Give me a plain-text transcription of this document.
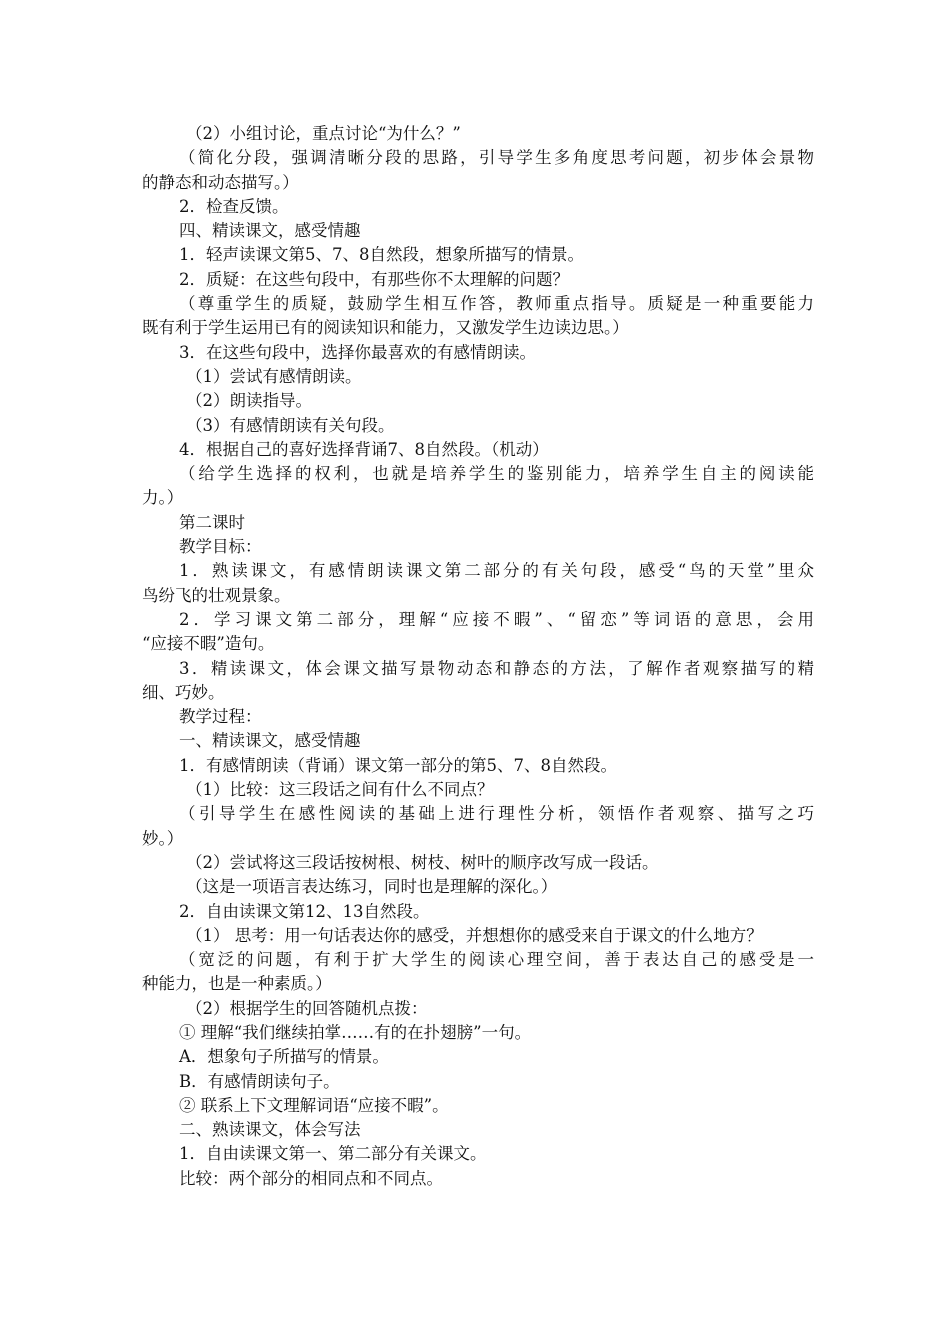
（2）小组讨论，重点讨论“为什么？”
（简化分段，强调清晰分段的思路，引导学生多角度思考问题，初步体会景物
的静态和动态描写。）
2．检查反馈。
四、精读课文，感受情趣
1．轻声读课文第5、7、8自然段，想象所描写的情景。
2．质疑：在这些句段中，有那些你不太理解的问题？
（尊重学生的质疑，鼓励学生相互作答，教师重点指导。质疑是一种重要能力
既有利于学生运用已有的阅读知识和能力，又激发学生边读边思。）
3．在这些句段中，选择你最喜欢的有感情朗读。
（1）尝试有感情朗读。
（2）朗读指导。
（3）有感情朗读有关句段。
4．根据自己的喜好选择背诵7、8自然段。（机动）
（给学生选择的权利，也就是培养学生的鉴别能力，培养学生自主的阅读能
力。）
第二课时
教学目标：
1．熟读课文，有感情朗读课文第二部分的有关句段，感受“鸟的天堂”里众
鸟纷飞的壮观景象。
2．学习课文第二部分，理解“应接不暇”、“留恋”等词语的意思，会用
“应接不暇”造句。
3．精读课文，体会课文描写景物动态和静态的方法，了解作者观察描写的精
细、巧妙。
教学过程：
一、精读课文，感受情趣
1．有感情朗读（背诵）课文第一部分的第5、7、8自然段。
（1）比较：这三段话之间有什么不同点？
（引导学生在感性阅读的基础上进行理性分析，领悟作者观察、描写之巧
妙。）
（2）尝试将这三段话按树根、树枝、树叶的顺序改写成一段话。
（这是一项语言表达练习，同时也是理解的深化。）
2．自由读课文第12、13自然段。
（1） 思考：用一句话表达你的感受，并想想你的感受来自于课文的什么地方？
（宽泛的问题，有利于扩大学生的阅读心理空间，善于表达自己的感受是一
种能力，也是一种素质。）
（2）根据学生的回答随机点拨：
① 理解“我们继续拍掌……有的在扑翅膀”一句。
A．想象句子所描写的情景。
B．有感情朗读句子。
② 联系上下文理解词语“应接不暇”。
二、熟读课文，体会写法
1．自由读课文第一、第二部分有关课文。
比较：两个部分的相同点和不同点。
